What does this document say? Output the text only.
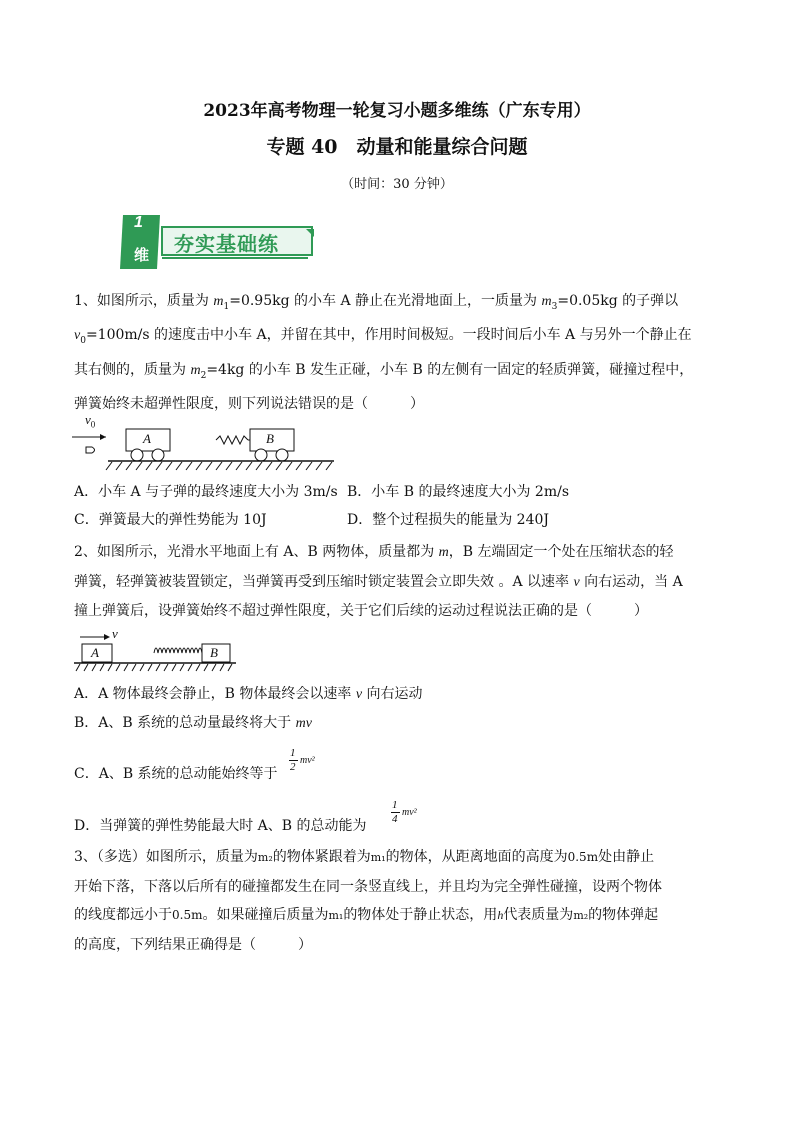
2023年高考物理一轮复习小题多维练（广东专用）
专题 40　动量和能量综合问题
（时间：30 分钟）
1
维 夯实基础练

1、如图所示，质量为 $m_1=0.95kg$ 的小车 A 静止在光滑地面上，一质量为 $m_3=0.05kg$ 的子弹以
$v_0=100m/s$ 的速度击中小车 A，并留在其中，作用时间极短。一段时间后小车 A 与另外一个静止在
其右侧的，质量为 $m_2=4kg$ 的小车 B 发生正碰，小车 B 的左侧有一固定的轻质弹簧，碰撞过程中，
弹簧始终未超弹性限度，则下列说法错误的是（　　　）

$v_0$
A	B
A．小车 A 与子弹的最终速度大小为 3m/s B．小车 B 的最终速度大小为 2m/s
C．弹簧最大的弹性势能为 10J	D．整个过程损失的能量为 240J

2、如图所示，光滑水平地面上有 A、B 两物体，质量都为 m，B 左端固定一个处在压缩状态的轻
弹簧，轻弹簧被装置锁定，当弹簧再受到压缩时锁定装置会立即失效 。A 以速率 v 向右运动，当 A
撞上弹簧后，设弹簧始终不超过弹性限度，关于它们后续的运动过程说法正确的是（　　　）

v
A	B
A．A 物体最终会静止，B 物体最终会以速率 v 向右运动
B．A、B 系统的总动量最终将大于 mv
C．A、B 系统的总动能始终等于
1
2
mv²
D．当弹簧的弹性势能最大时 A、B 的总动能为
1
4
mv²

3、（多选）如图所示，质量为m₂的物体紧跟着为m₁的物体，从距离地面的高度为0.5m处由静止
开始下落，下落以后所有的碰撞都发生在同一条竖直线上，并且均为完全弹性碰撞，设两个物体
的线度都远小于0.5m。如果碰撞后质量为m₁的物体处于静止状态，用h代表质量为m₂的物体弹起
的高度，下列结果正确得是（　　　）
